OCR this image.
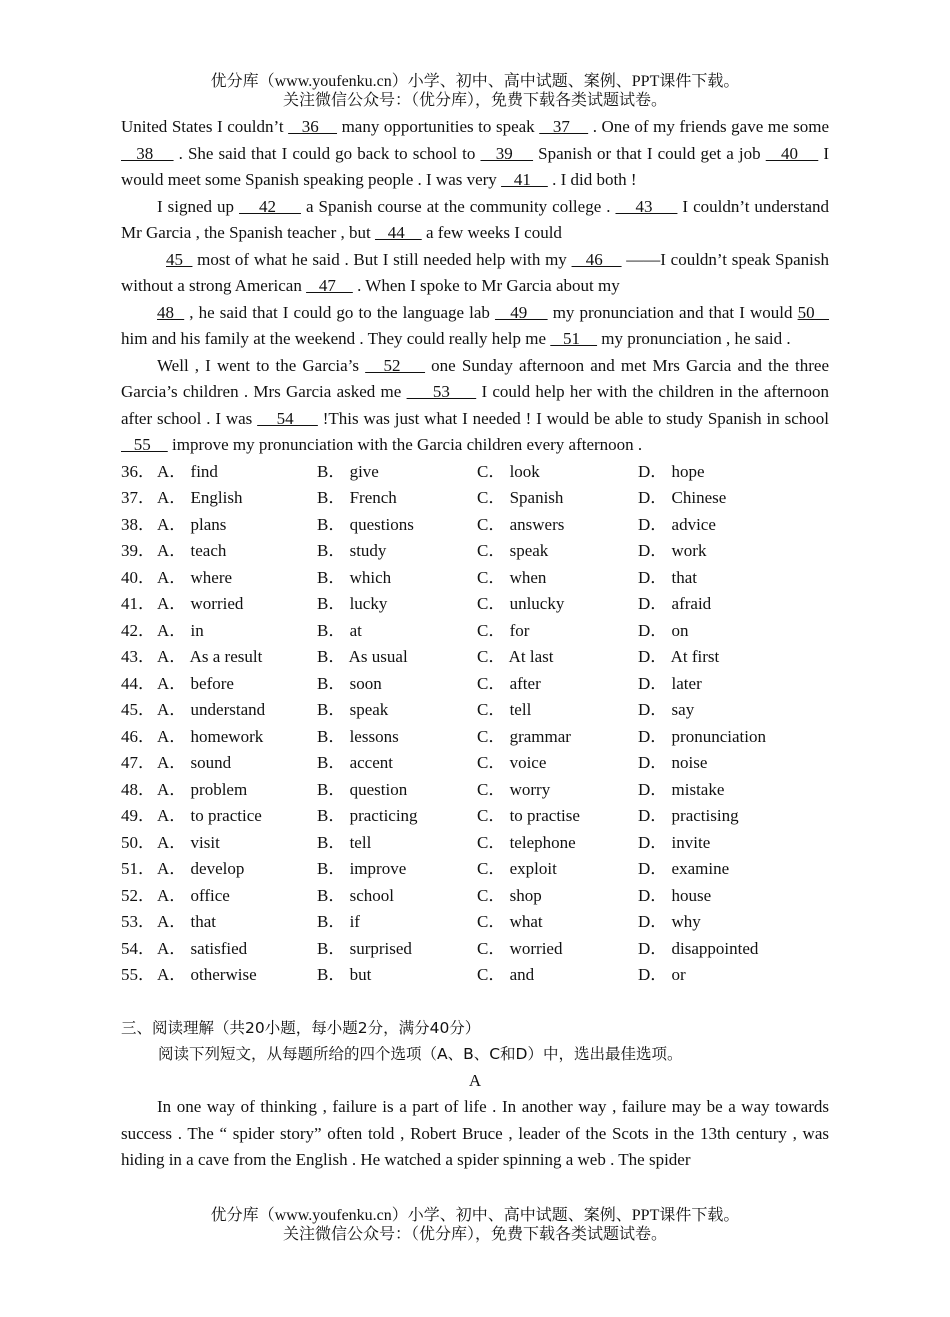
优分库（www.youfenku.cn）小学、初中、高中试题、案例、PPT课件下载。
关注微信公众号：（优分库），免费下载各类试题试卷。

United States I couldn’t    36     many opportunities to speak    37     . One of my friends gave me some    38     . She said that I could go back to school to    39     Spanish or that I could get a job    40     I would meet some Spanish speaking people . I was very    41     . I did both !

I signed up     42      a Spanish course at the community college .     43      I couldn’t understand Mr Garcia , the Spanish teacher , but    44     a few weeks I could

45   most of what he said . But I still needed help with my    46     ——I couldn’t speak Spanish without a strong American    47     . When I spoke to Mr Garcia about my

48   , he said that I could go to the language lab    49     my pronunciation and that I would 50    him and his family at the weekend . They could really help me    51     my pronunciation , he said .

Well , I went to the Garcia’s    52     one Sunday afternoon and met Mrs Garcia and the three Garcia’s children . Mrs Garcia asked me      53      I could help her with the children in the afternoon after school . I was     54      !This was just what I needed ! I would be able to study Spanish in school    55     improve my pronunciation with the Garcia children every afternoon .

36． A． find	B． give	C． look	D． hope
37． A． English	B． French	C． Spanish	D． Chinese
38． A． plans	B． questions	C． answers	D． advice
39． A． teach	B． study	C． speak	D． work
40． A． where	B． which	C． when	D． that
41． A． worried	B． lucky	C． unlucky	D． afraid
42． A． in	B． at	C． for	D． on
43． A． As a result	B． As usual	C． At last	D． At first
44． A． before	B． soon	C． after	D． later
45． A． understand	B． speak	C． tell	D． say
46． A． homework	B． lessons	C． grammar	D． pronunciation
47． A． sound	B． accent	C． voice	D． noise
48． A． problem	B． question	C． worry	D． mistake
49． A． to practice	B． practicing	C． to practise	D． practising
50． A． visit	B． tell	C． telephone	D． invite
51． A． develop	B． improve	C． exploit	D． examine
52． A． office	B． school	C． shop	D． house
53． A． that	B． if	C． what	D． why
54． A． satisfied	B． surprised	C． worried	D． disappointed
55． A． otherwise	B． but	C． and	D． or
三、阅读理解（共20小题，每小题2分，满分40分）
阅读下列短文，从每题所给的四个选项（A、B、C和D）中，选出最佳选项。
A

In one way of thinking , failure is a part of life . In another way , failure may be a way towards success . The “ spider story” often told , Robert Bruce , leader of the Scots in the 13th century , was hiding in a cave from the English . He watched a spider spinning a web . The spider

优分库（www.youfenku.cn）小学、初中、高中试题、案例、PPT课件下载。
关注微信公众号：（优分库），免费下载各类试题试卷。
